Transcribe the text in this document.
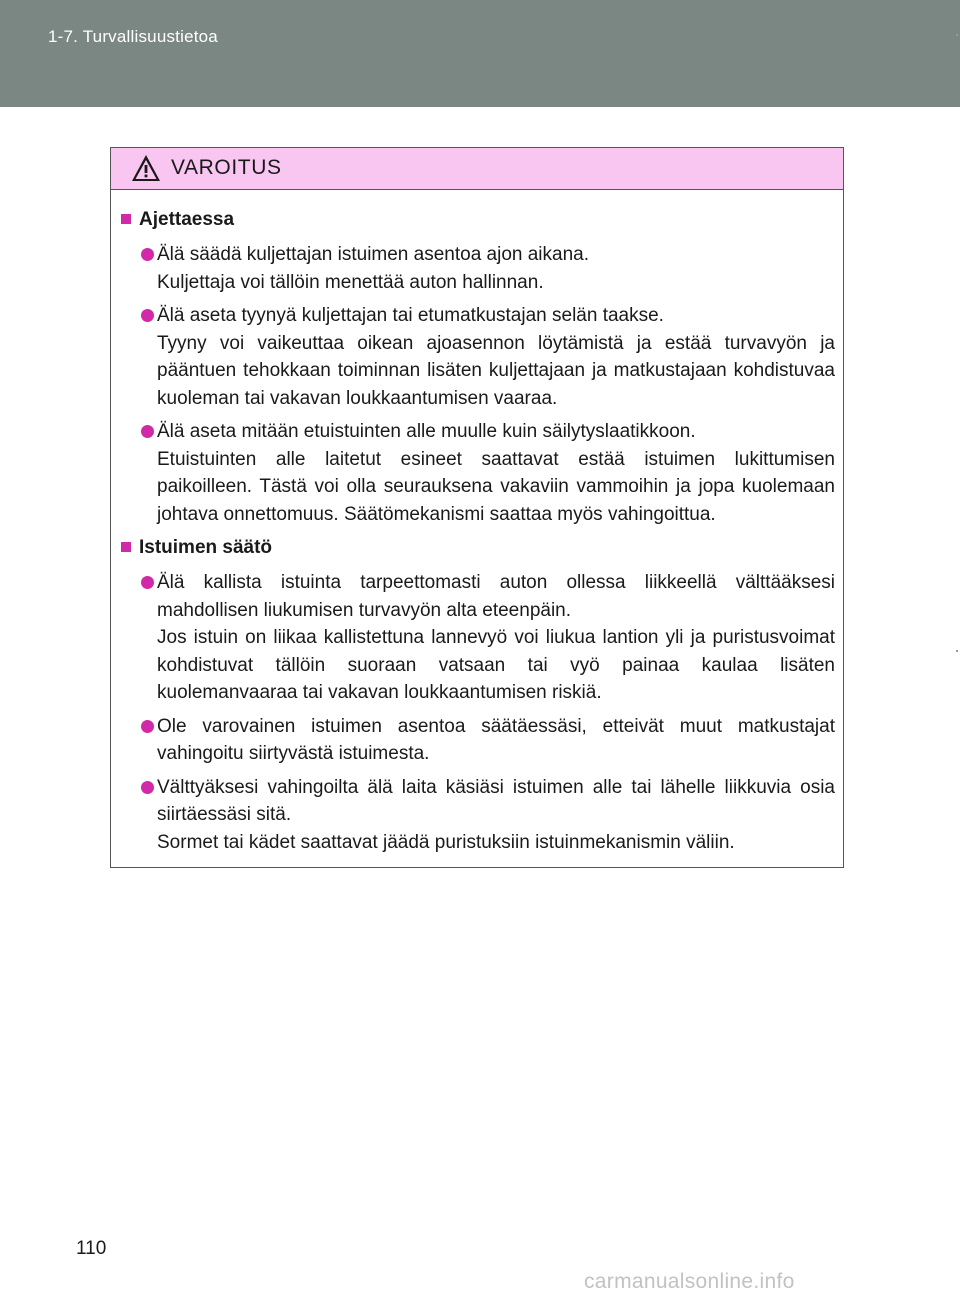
1-7. Turvallisuustietoa
VAROITUS
Ajettaessa
Älä säädä kuljettajan istuimen asentoa ajon aikana.
Kuljettaja voi tällöin menettää auton hallinnan.
Älä aseta tyynyä kuljettajan tai etumatkustajan selän taakse.
Tyyny voi vaikeuttaa oikean ajoasennon löytämistä ja estää turvavyön ja pääntuen tehokkaan toiminnan lisäten kuljettajaan ja matkustajaan kohdistuvaa kuoleman tai vakavan loukkaantumisen vaaraa.
Älä aseta mitään etuistuinten alle muulle kuin säilytyslaatikkoon.
Etuistuinten alle laitetut esineet saattavat estää istuimen lukittumisen paikoilleen. Tästä voi olla seurauksena vakaviin vammoihin ja jopa kuolemaan johtava onnettomuus. Säätömekanismi saattaa myös vahingoittua.
Istuimen säätö
Älä kallista istuinta tarpeettomasti auton ollessa liikkeellä välttääksesi mahdollisen liukumisen turvavyön alta eteenpäin.
Jos istuin on liikaa kallistettuna lannevyö voi liukua lantion yli ja puristusvoimat kohdistuvat tällöin suoraan vatsaan tai vyö painaa kaulaa lisäten kuolemanvaaraa tai vakavan loukkaantumisen riskiä.
Ole varovainen istuimen asentoa säätäessäsi, etteivät muut matkustajat vahingoitu siirtyvästä istuimesta.
Välttyäksesi vahingoilta älä laita käsiäsi istuimen alle tai lähelle liikkuvia osia siirtäessäsi sitä.
Sormet tai kädet saattavat jäädä puristuksiin istuinmekanismin väliin.
110
carmanualsonline.info
